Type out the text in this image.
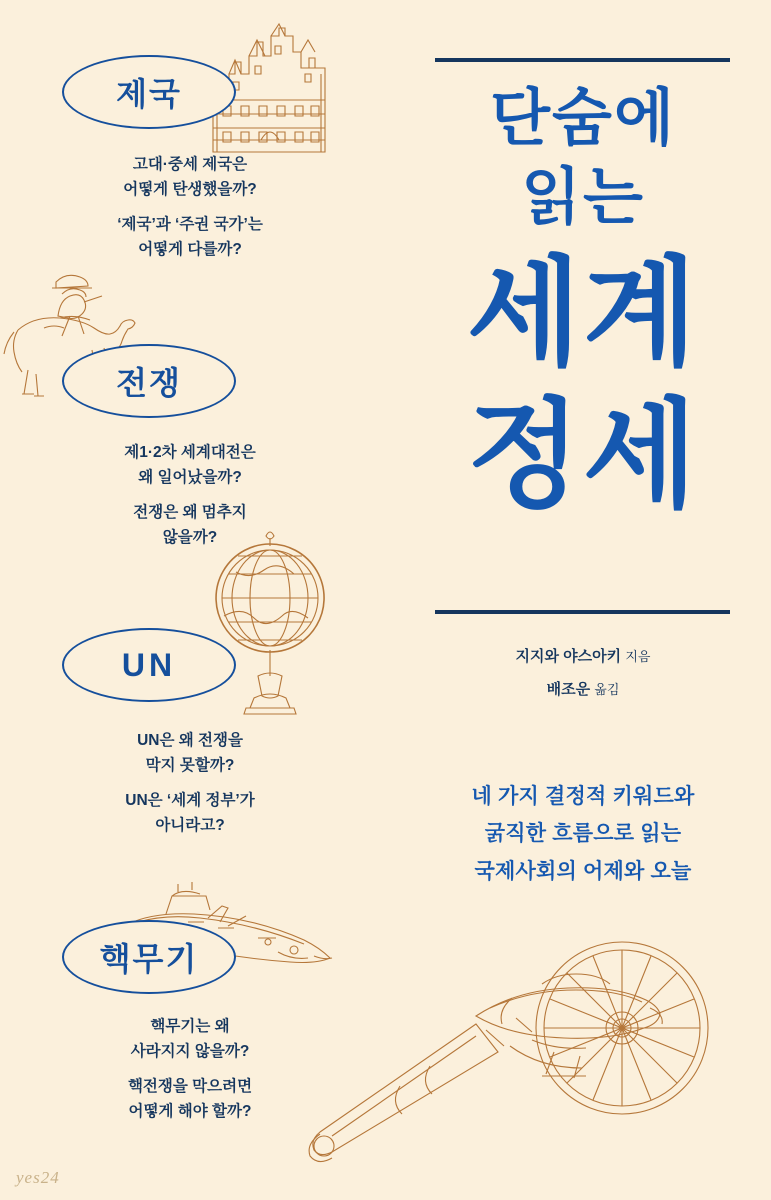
제국
고대·중세 제국은
어떻게 탄생했을까?
‘제국’과 ‘주권 국가’는
어떻게 다를까?
전쟁
제1·2차 세계대전은
왜 일어났을까?
전쟁은 왜 멈추지
않을까?
UN
UN은 왜 전쟁을
막지 못할까?
UN은 ‘세계 정부’가
아니라고?
핵무기
핵무기는 왜
사라지지 않을까?
핵전쟁을 막으려면
어떻게 해야 할까?
단숨에
읽는
세계
정세
지지와 야스아키 지음
배조운 옮김
네 가지 결정적 키워드와
굵직한 흐름으로 읽는
국제사회의 어제와 오늘
yes24
